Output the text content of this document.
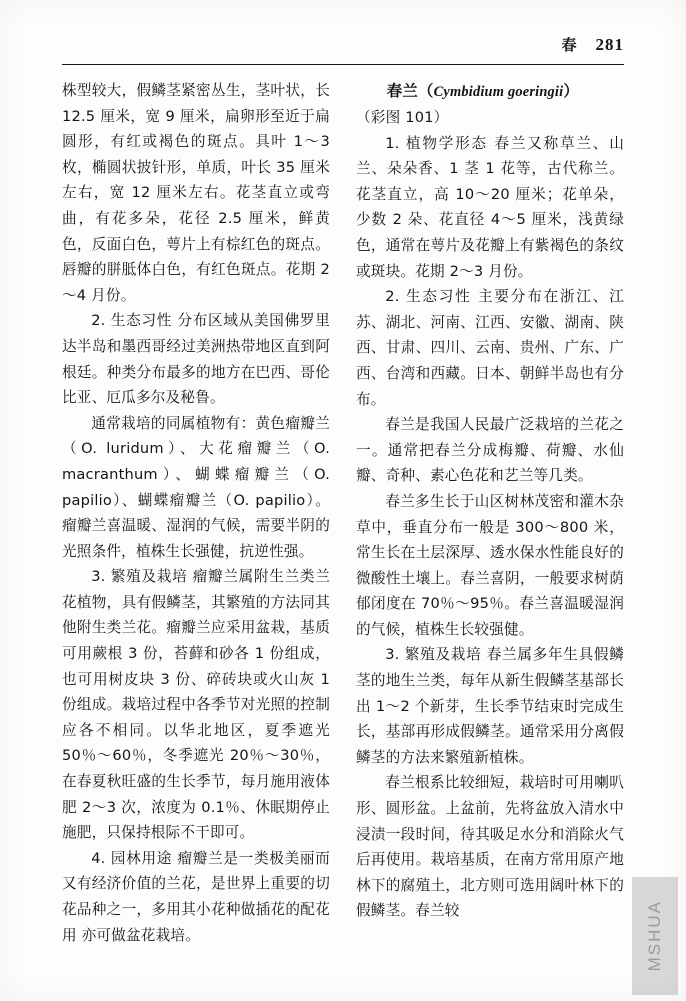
春 281

株型较大，假鳞茎紧密丛生，茎叶状，长 12.5 厘米，宽 9 厘米，扁卵形至近于扁圆形，有红或褐色的斑点。具叶 1～3 枚，椭圆状披针形，单质，叶长 35 厘米左右，宽 12 厘米左右。花茎直立或弯曲，有花多朵，花径 2.5 厘米，鲜黄色，反面白色，萼片上有棕红色的斑点。唇瓣的胼胝体白色，有红色斑点。花期 2～4 月份。

2. 生态习性 分布区域从美国佛罗里达半岛和墨西哥经过美洲热带地区直到阿根廷。种类分布最多的地方在巴西、哥伦比亚、厄瓜多尔及秘鲁。

通常栽培的同属植物有：黄色瘤瓣兰（O. luridum）、大花瘤瓣兰（O. macranthum）、蝴蝶瘤瓣兰（O. papilio）、蝴蝶瘤瓣兰（O. papilio）。瘤瓣兰喜温暖、湿润的气候，需要半阴的光照条件，植株生长强健，抗逆性强。

3. 繁殖及栽培 瘤瓣兰属附生兰类兰花植物，具有假鳞茎，其繁殖的方法同其他附生类兰花。瘤瓣兰应采用盆栽，基质可用蕨根 3 份，苔藓和砂各 1 份组成，也可用树皮块 3 份、碎砖块或火山灰 1 份组成。栽培过程中各季节对光照的控制应各不相同。以华北地区，夏季遮光 50％～60％，冬季遮光 20％～30％，在春夏秋旺盛的生长季节，每月施用液体肥 2～3 次，浓度为 0.1％、休眠期停止施肥，只保持根际不干即可。

4. 园林用途 瘤瓣兰是一类极美丽而又有经济价值的兰花，是世界上重要的切花品种之一，多用其小花种做插花的配花用 亦可做盆花栽培。

春兰（Cymbidium goeringii）

（彩图 101）

1. 植物学形态 春兰又称草兰、山兰、朵朵香、1 茎 1 花等，古代称兰。花茎直立，高 10～20 厘米；花单朵，少数 2 朵、花直径 4～5 厘米，浅黄绿色，通常在萼片及花瓣上有紫褐色的条纹或斑块。花期 2～3 月份。

2. 生态习性 主要分布在浙江、江苏、湖北、河南、江西、安徽、湖南、陕西、甘肃、四川、云南、贵州、广东、广西、台湾和西藏。日本、朝鲜半岛也有分布。

春兰是我国人民最广泛栽培的兰花之一。通常把春兰分成梅瓣、荷瓣、水仙瓣、奇种、素心色花和艺兰等几类。

春兰多生长于山区树林茂密和灌木杂草中，垂直分布一般是 300～800 米，常生长在土层深厚、透水保水性能良好的微酸性土壤上。春兰喜阴，一般要求树荫郁闭度在 70％～95％。春兰喜温暖湿润的气候，植株生长较强健。

3. 繁殖及栽培 春兰属多年生具假鳞茎的地生兰类，每年从新生假鳞茎基部长出 1～2 个新芽，生长季节结束时完成生长，基部再形成假鳞茎。通常采用分离假鳞茎的方法来繁殖新植株。

春兰根系比较细短，栽培时可用喇叭形、圆形盆。上盆前，先将盆放入清水中浸渍一段时间，待其吸足水分和消除火气后再使用。栽培基质，在南方常用原产地林下的腐殖土，北方则可选用阔叶林下的假鳞茎。春兰较	MSHUA
